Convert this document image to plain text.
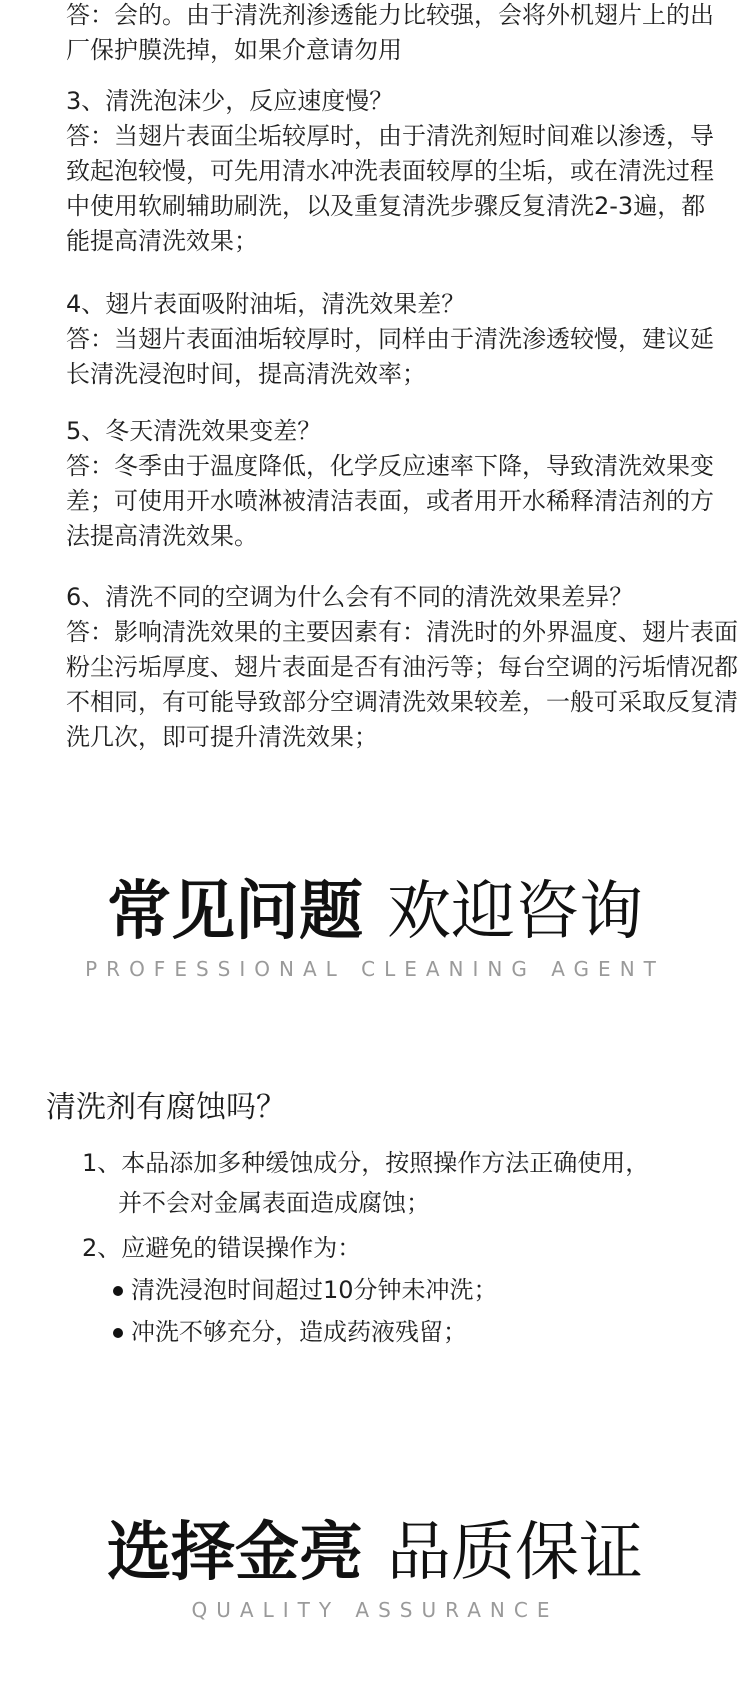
答：会的。由于清洗剂渗透能力比较强，会将外机翅片上的出厂保护膜洗掉，如果介意请勿用
3、清洗泡沫少，反应速度慢？
答：当翅片表面尘垢较厚时，由于清洗剂短时间难以渗透，导致起泡较慢，可先用清水冲洗表面较厚的尘垢，或在清洗过程中使用软刷辅助刷洗，以及重复清洗步骤反复清洗2-3遍，都能提高清洗效果；
4、翅片表面吸附油垢，清洗效果差？
答：当翅片表面油垢较厚时，同样由于清洗渗透较慢，建议延长清洗浸泡时间，提高清洗效率；
5、冬天清洗效果变差？
答：冬季由于温度降低，化学反应速率下降，导致清洗效果变差；可使用开水喷淋被清洁表面，或者用开水稀释清洁剂的方法提高清洗效果。
6、清洗不同的空调为什么会有不同的清洗效果差异？
答：影响清洗效果的主要因素有：清洗时的外界温度、翅片表面粉尘污垢厚度、翅片表面是否有油污等；每台空调的污垢情况都不相同，有可能导致部分空调清洗效果较差，一般可采取反复清洗几次，即可提升清洗效果；
常见问题 欢迎咨询
PROFESSIONAL CLEANING AGENT
清洗剂有腐蚀吗？
1、本品添加多种缓蚀成分，按照操作方法正确使用，
并不会对金属表面造成腐蚀；
2、应避免的错误操作为：
清洗浸泡时间超过10分钟未冲洗；
冲洗不够充分，造成药液残留；
选择金亮 品质保证
QUALITY ASSURANCE
